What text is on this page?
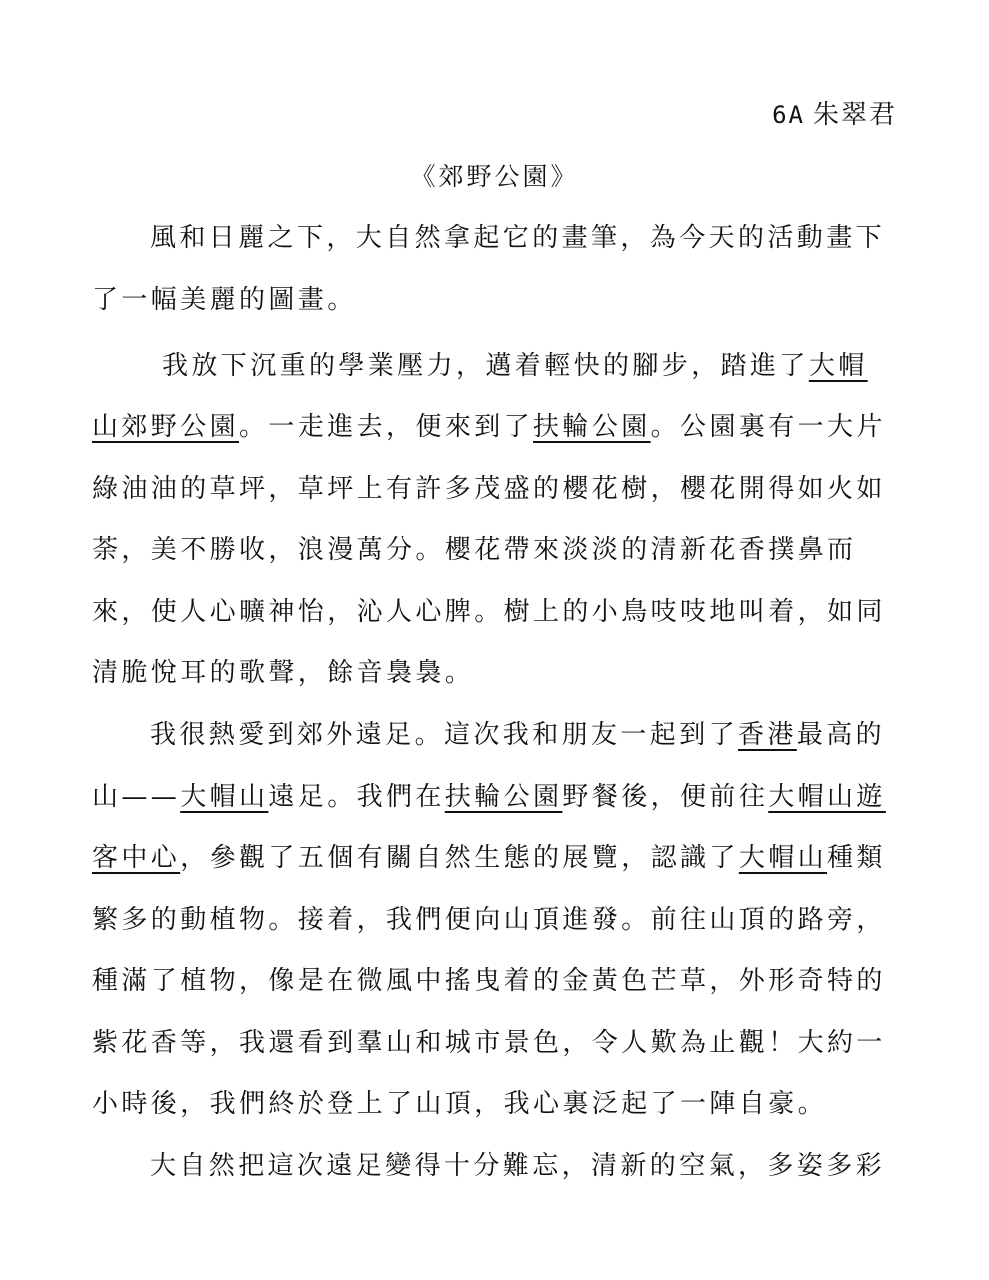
6A 朱翠君
《郊野公園》
風和日麗之下，大自然拿起它的畫筆，為今天的活動畫下
了一幅美麗的圖畫。
我放下沉重的學業壓力，邁着輕快的腳步，踏進了大帽
山郊野公園。一走進去，便來到了扶輪公園。公園裏有一大片
綠油油的草坪，草坪上有許多茂盛的櫻花樹，櫻花開得如火如
荼，美不勝收，浪漫萬分。櫻花帶來淡淡的清新花香撲鼻而
來，使人心曠神怡，沁人心脾。樹上的小鳥吱吱地叫着，如同
清脆悅耳的歌聲，餘音裊裊。
我很熱愛到郊外遠足。這次我和朋友一起到了香港最高的
山——大帽山遠足。我們在扶輪公園野餐後，便前往大帽山遊
客中心，參觀了五個有關自然生態的展覽，認識了大帽山種類
繁多的動植物。接着，我們便向山頂進發。前往山頂的路旁，
種滿了植物，像是在微風中搖曳着的金黃色芒草，外形奇特的
紫花香等，我還看到羣山和城市景色，令人歎為止觀！大約一
小時後，我們終於登上了山頂，我心裏泛起了一陣自豪。
大自然把這次遠足變得十分難忘，清新的空氣，多姿多彩
